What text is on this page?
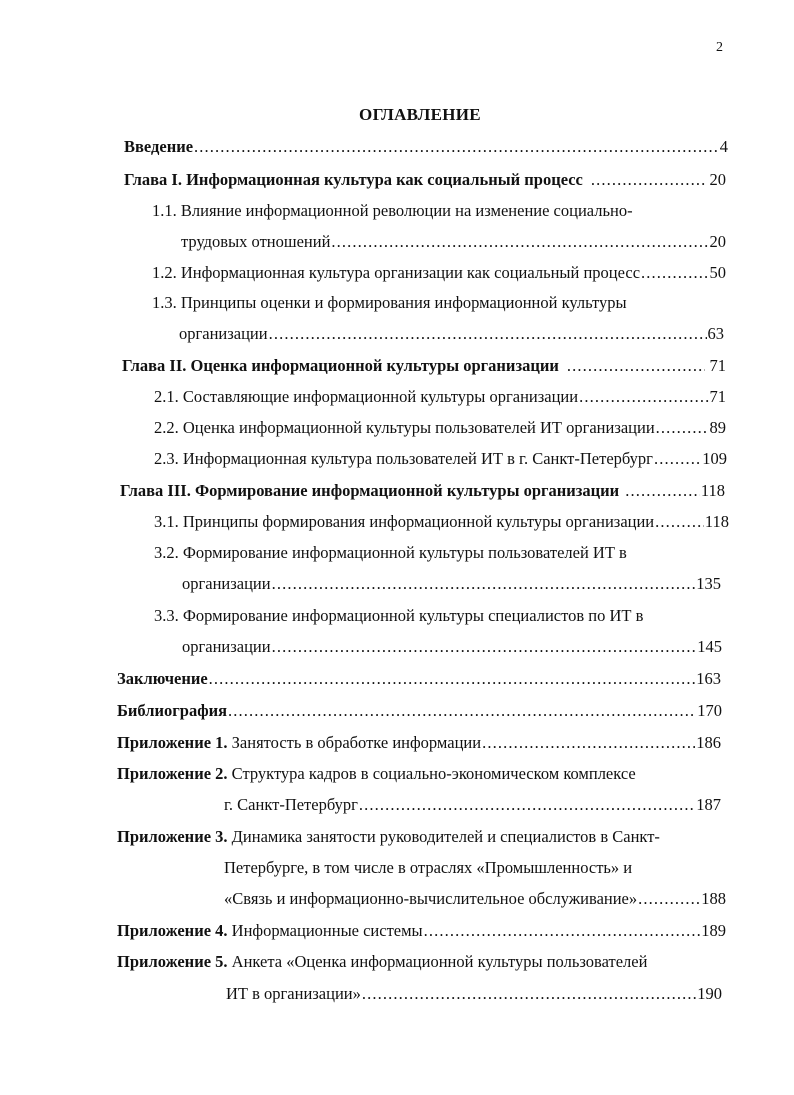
2
ОГЛАВЛЕНИЕ
Введение . . .	4
Глава I. Информационная культура как социальный процесс . . .	20
1.1. Влияние информационной революции на изменение социально-
трудовых отношений . . .	20
1.2. Информационная культура организации как социальный процесс . . .	50
1.3. Принципы оценки и формирования информационной культуры
организации . . .	63
Глава II. Оценка информационной культуры организации . . .	71
2.1. Составляющие информационной культуры организации . . .	71
2.2. Оценка информационной культуры пользователей ИТ организации . . .	89
2.3. Информационная культура пользователей ИТ в г. Санкт-Петербург . . .	109
Глава III. Формирование информационной культуры организации . . .	118
3.1. Принципы формирования информационной культуры организации . . .	118
3.2. Формирование информационной культуры пользователей ИТ в
организации . . .	135
3.3. Формирование информационной культуры специалистов по ИТ в
организации . . .	145
Заключение . . .	163
Библиография . . .	170
Приложение 1. Занятость в обработке информации . . .	186
Приложение 2. Структура кадров в социально-экономическом комплексе
г. Санкт-Петербург . . .	187
Приложение 3. Динамика занятости руководителей и специалистов в Санкт-
Петербурге, в том числе в отраслях «Промышленность» и
«Связь и информационно-вычислительное обслуживание» . . .	188
Приложение 4. Информационные системы . . .	189
Приложение 5. Анкета «Оценка информационной культуры пользователей
ИТ в организации» . . .	190
